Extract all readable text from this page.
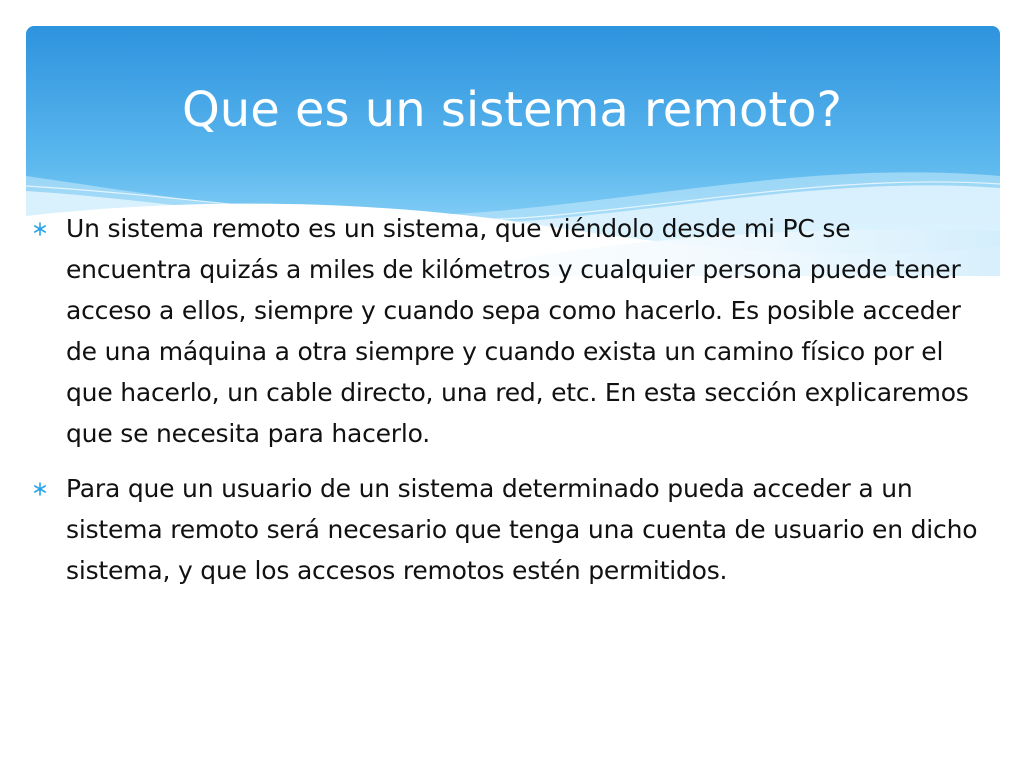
Que es un sistema remoto?
Un sistema remoto es un sistema, que viéndolo desde mi PC se encuentra quizás a miles de kilómetros y cualquier persona puede tener acceso a ellos, siempre y cuando sepa como hacerlo. Es posible acceder de una máquina a otra siempre y cuando exista un camino físico por el que hacerlo, un cable directo, una red, etc. En esta sección explicaremos que se necesita para hacerlo.
Para que un usuario de un sistema determinado pueda acceder a un sistema remoto será necesario que tenga una cuenta de usuario en dicho sistema, y que los accesos remotos estén permitidos.
